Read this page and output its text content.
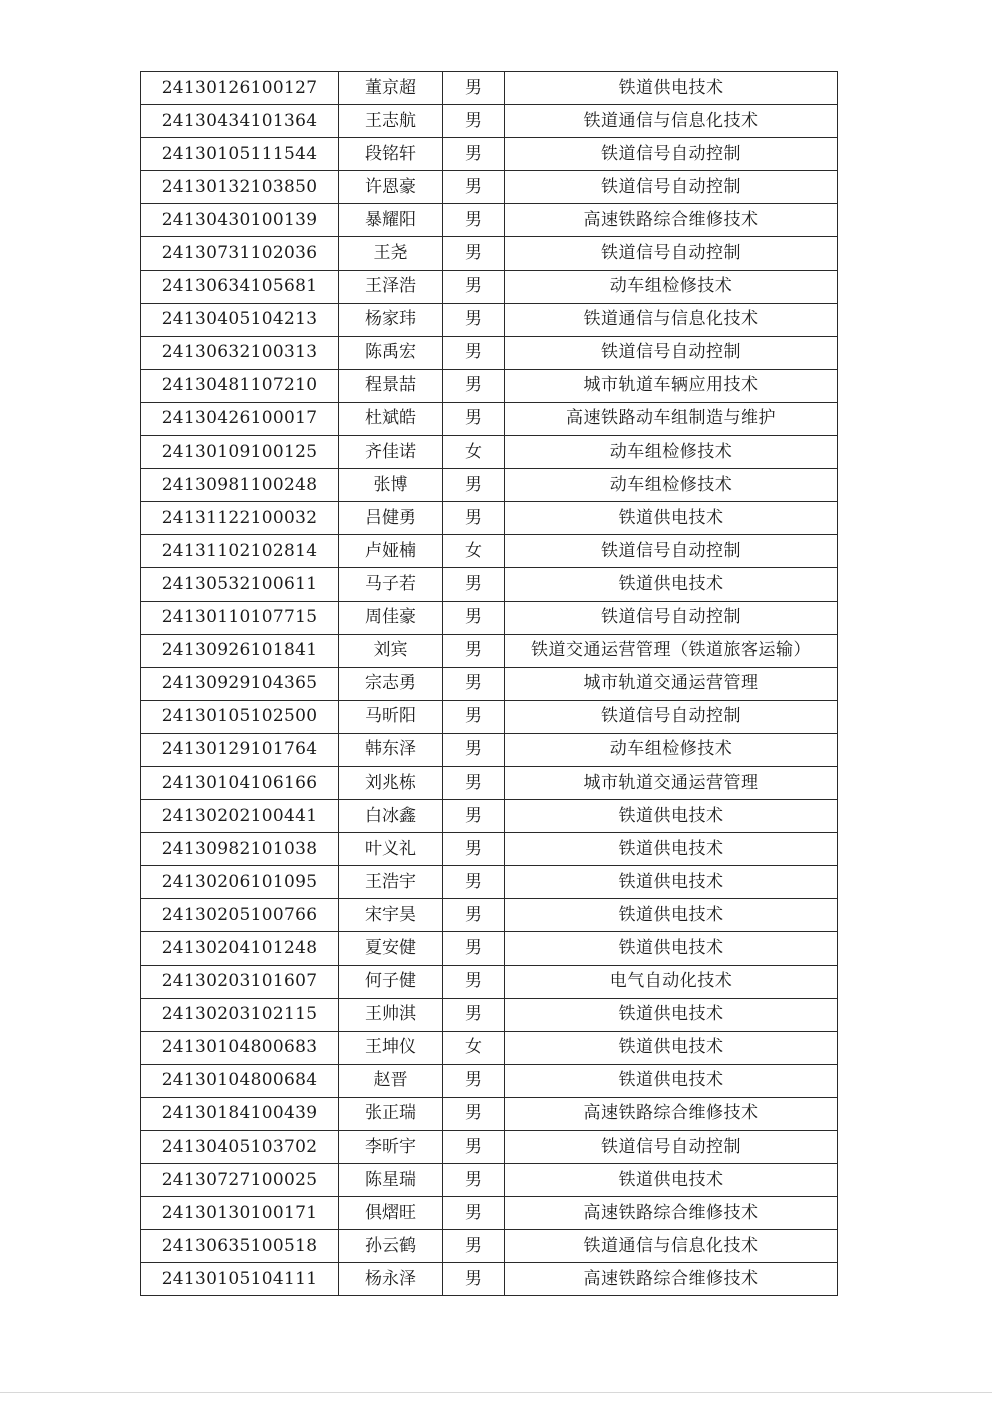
24130126100127	董京超	男	铁道供电技术
24130434101364	王志航	男	铁道通信与信息化技术
24130105111544	段铭轩	男	铁道信号自动控制
24130132103850	许恩豪	男	铁道信号自动控制
24130430100139	暴耀阳	男	高速铁路综合维修技术
24130731102036	王尧	男	铁道信号自动控制
24130634105681	王泽浩	男	动车组检修技术
24130405104213	杨家玮	男	铁道通信与信息化技术
24130632100313	陈禹宏	男	铁道信号自动控制
24130481107210	程景喆	男	城市轨道车辆应用技术
24130426100017	杜斌皓	男	高速铁路动车组制造与维护
24130109100125	齐佳诺	女	动车组检修技术
24130981100248	张博	男	动车组检修技术
24131122100032	吕健勇	男	铁道供电技术
24131102102814	卢娅楠	女	铁道信号自动控制
24130532100611	马子若	男	铁道供电技术
24130110107715	周佳豪	男	铁道信号自动控制
24130926101841	刘宾	男	铁道交通运营管理（铁道旅客运输）
24130929104365	宗志勇	男	城市轨道交通运营管理
24130105102500	马昕阳	男	铁道信号自动控制
24130129101764	韩东泽	男	动车组检修技术
24130104106166	刘兆栋	男	城市轨道交通运营管理
24130202100441	白冰鑫	男	铁道供电技术
24130982101038	叶义礼	男	铁道供电技术
24130206101095	王浩宇	男	铁道供电技术
24130205100766	宋宇昊	男	铁道供电技术
24130204101248	夏安健	男	铁道供电技术
24130203101607	何子健	男	电气自动化技术
24130203102115	王帅淇	男	铁道供电技术
24130104800683	王坤仪	女	铁道供电技术
24130104800684	赵晋	男	铁道供电技术
24130184100439	张正瑞	男	高速铁路综合维修技术
24130405103702	李昕宇	男	铁道信号自动控制
24130727100025	陈星瑞	男	铁道供电技术
24130130100171	俱熠旺	男	高速铁路综合维修技术
24130635100518	孙云鹤	男	铁道通信与信息化技术
24130105104111	杨永泽	男	高速铁路综合维修技术
